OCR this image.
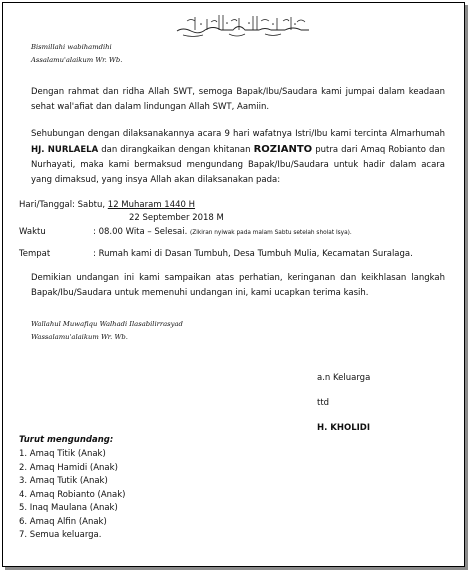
Bismillahi wabihamdihi
Assalamu'alaikum Wr. Wb.
Dengan rahmat dan ridha Allah SWT, semoga Bapak/Ibu/Saudara kami jumpai dalam keadaan sehat wal'afiat dan dalam lindungan Allah SWT, Aamiin.
Sehubungan dengan dilaksanakannya acara 9 hari wafatnya Istri/Ibu kami tercinta Almarhumah HJ. NURLAELA dan dirangkaikan dengan khitanan ROZIANTO putra dari Amaq Robianto dan Nurhayati, maka kami bermaksud mengundang Bapak/Ibu/Saudara untuk hadir dalam acara yang dimaksud, yang insya Allah akan dilaksanakan pada:
Hari/Tanggal: Sabtu, 12 Muharam 1440 H
22 September 2018 M
Waktu	: 08.00 Wita – Selesai. (Zikiran nyiwak pada malam Sabtu setelah sholat Isya).
Tempat	: Rumah kami di Dasan Tumbuh, Desa Tumbuh Mulia, Kecamatan Suralaga.
Demikian undangan ini kami sampaikan atas perhatian, keringanan dan keikhlasan langkah Bapak/Ibu/Saudara untuk memenuhi undangan ini, kami ucapkan terima kasih.
Wallahul Muwafiqu Walhadi Ilasabilirrasyad
Wassalamu'alaikum Wr. Wb.
a.n Keluarga
ttd
H. KHOLIDI
Turut mengundang:
1. Amaq Titik (Anak)
2. Amaq Hamidi (Anak)
3. Amaq Tutik (Anak)
4. Amaq Robianto (Anak)
5. Inaq Maulana (Anak)
6. Amaq Alfin (Anak)
7. Semua keluarga.
